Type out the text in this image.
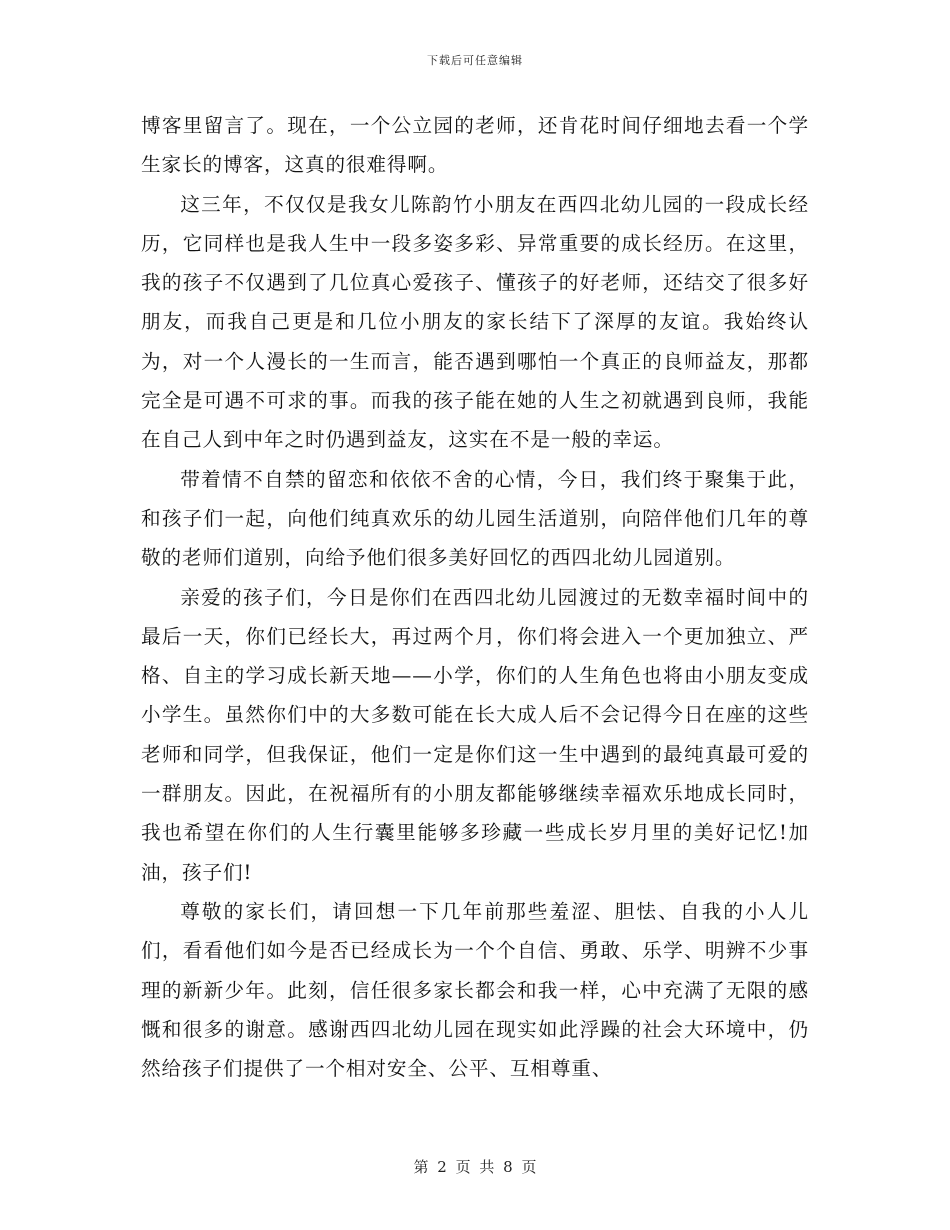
下载后可任意编辑

博客里留言了。现在，一个公立园的老师，还肯花时间仔细地去看一个学生家长的博客，这真的很难得啊。

这三年，不仅仅是我女儿陈韵竹小朋友在西四北幼儿园的一段成长经历，它同样也是我人生中一段多姿多彩、异常重要的成长经历。在这里，我的孩子不仅遇到了几位真心爱孩子、懂孩子的好老师，还结交了很多好朋友，而我自己更是和几位小朋友的家长结下了深厚的友谊。我始终认为，对一个人漫长的一生而言，能否遇到哪怕一个真正的良师益友，那都完全是可遇不可求的事。而我的孩子能在她的人生之初就遇到良师，我能在自己人到中年之时仍遇到益友，这实在不是一般的幸运。

带着情不自禁的留恋和依依不舍的心情，今日，我们终于聚集于此，和孩子们一起，向他们纯真欢乐的幼儿园生活道别，向陪伴他们几年的尊敬的老师们道别，向给予他们很多美好回忆的西四北幼儿园道别。

亲爱的孩子们，今日是你们在西四北幼儿园渡过的无数幸福时间中的最后一天，你们已经长大，再过两个月，你们将会进入一个更加独立、严格、自主的学习成长新天地——小学，你们的人生角色也将由小朋友变成小学生。虽然你们中的大多数可能在长大成人后不会记得今日在座的这些老师和同学，但我保证，他们一定是你们这一生中遇到的最纯真最可爱的一群朋友。因此，在祝福所有的小朋友都能够继续幸福欢乐地成长同时，我也希望在你们的人生行囊里能够多珍藏一些成长岁月里的美好记忆!加油，孩子们!

尊敬的家长们，请回想一下几年前那些羞涩、胆怯、自我的小人儿们，看看他们如今是否已经成长为一个个自信、勇敢、乐学、明辨不少事理的新新少年。此刻，信任很多家长都会和我一样，心中充满了无限的感慨和很多的谢意。感谢西四北幼儿园在现实如此浮躁的社会大环境中，仍然给孩子们提供了一个相对安全、公平、互相尊重、

第 2 页 共 8 页
